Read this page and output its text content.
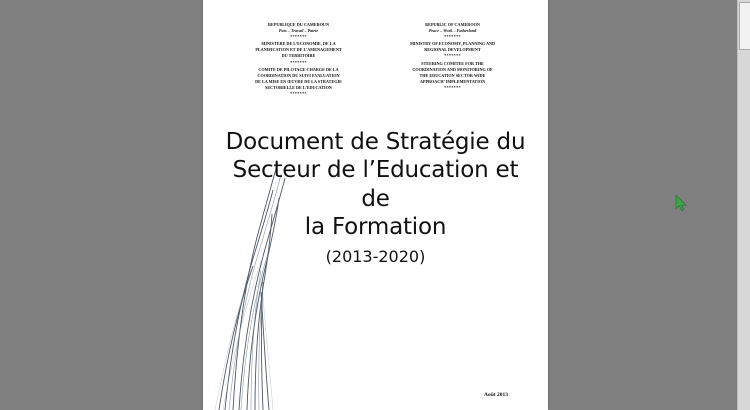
REPUBLIQUE DU CAMEROUN
Paix – Travail – Patrie
*******
MINISTERE DE L’ECONOMIE, DE LA
PLANIFICATION ET DE L’AMENAGEMENT
DU TERRITOIRE
*******
COMITE DE PILOTAGE CHARGE DE LA
COORDINATION DU SUIVI EVALUATION
DE LA MISE EN ŒUVRE DE LA STRATEGIE
SECTORIELLE DE L’EDUCATION
*******
REPUBLIC OF CAMEROON
Peace – Work – Fatherland
*******
MINISTRY OF ECONOMY, PLANNING AND
REGIONAL DEVELOPMENT
*******
STEERING COMITEE FOR THE
COORDINATION AND MONITORING OF
THE EDUCATION SECTOR WIDE
APPROACH’ IMPLEMENTATION
*******
Document de Stratégie du
Secteur de l’Education et de
la Formation
(2013-2020)
Août 2013
